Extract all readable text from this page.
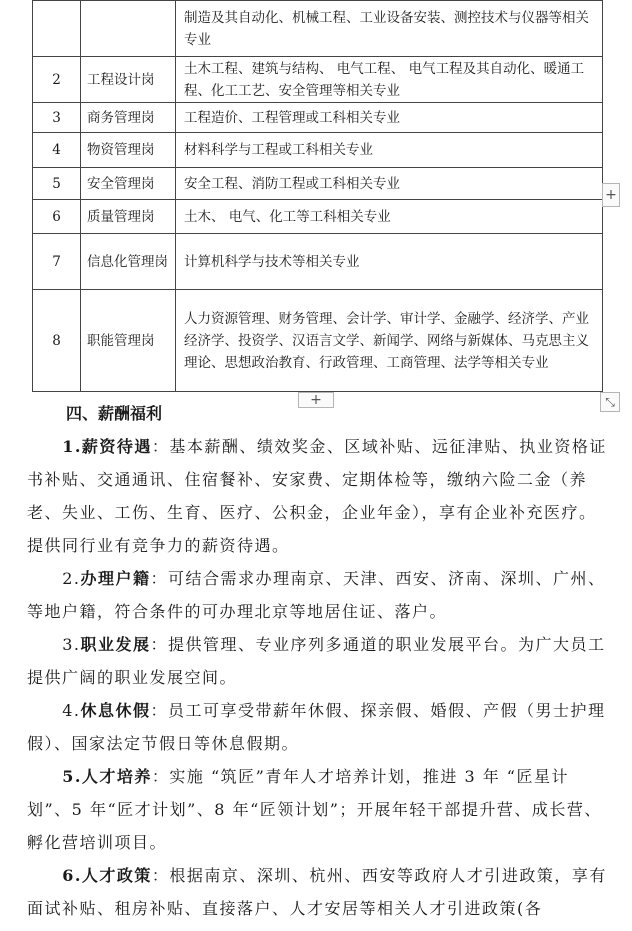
		制造及其自动化、机械工程、工业设备安装、测控技术与仪器等相关专业
2	工程设计岗	土木工程、建筑与结构、 电气工程、 电气工程及其自动化、暖通工程、化工工艺、安全管理等相关专业
3	商务管理岗	工程造价、工程管理或工科相关专业
4	物资管理岗	材料科学与工程或工科相关专业
5	安全管理岗	安全工程、消防工程或工科相关专业
6	质量管理岗	土木、 电气、化工等工科相关专业
7	信息化管理岗	计算机科学与技术等相关专业
8	职能管理岗	人力资源管理、财务管理、会计学、审计学、金融学、经济学、产业经济学、投资学、汉语言文学、新闻学、网络与新媒体、马克思主义理论、思想政治教育、行政管理、工商管理、法学等相关专业
+
+	⤡
四、薪酬福利

1.薪资待遇：基本薪酬、绩效奖金、区域补贴、远征津贴、执业资格证书补贴、交通通讯、住宿餐补、安家费、定期体检等，缴纳六险二金（养老、失业、工伤、生育、医疗、公积金，企业年金），享有企业补充医疗。提供同行业有竞争力的薪资待遇。

2.办理户籍：可结合需求办理南京、天津、西安、济南、深圳、广州、等地户籍，符合条件的可办理北京等地居住证、落户。

3.职业发展：提供管理、专业序列多通道的职业发展平台。为广大员工提供广阔的职业发展空间。

4.休息休假：员工可享受带薪年休假、探亲假、婚假、产假（男士护理假）、国家法定节假日等休息假期。

5.人才培养：实施 “筑匠”青年人才培养计划，推进 3 年 “匠星计划”、5 年“匠才计划”、8 年“匠领计划”；开展年轻干部提升营、成长营、孵化营培训项目。

6.人才政策：根据南京、深圳、杭州、西安等政府人才引进政策，享有面试补贴、租房补贴、直接落户、人才安居等相关人才引进政策(各
